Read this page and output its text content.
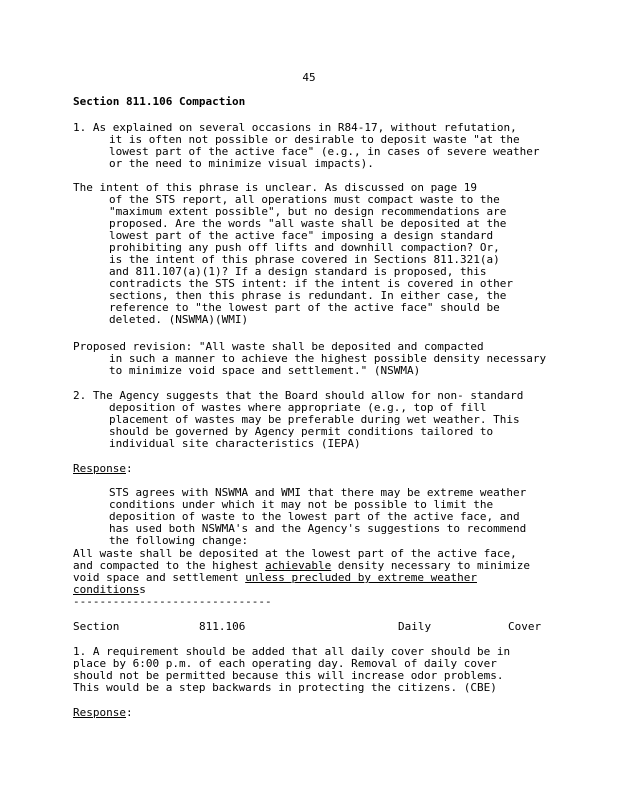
45
Section 811.106 Compaction
1. As explained on several occasions in R84-17, without refutation,
it is often not possible or desirable to deposit waste "at the
lowest part of the active face" (e.g., in cases of severe weather
or the need to minimize visual impacts).
The intent of this phrase is unclear. As discussed on page 19
of the STS report, all operations must compact waste to the
"maximum extent possible", but no design recommendations are
proposed. Are the words "all waste shall be deposited at the
lowest part of the active face" imposing a design standard
prohibiting any push off lifts and downhill compaction? Or,
is the intent of this phrase covered in Sections 811.321(a)
and 811.107(a)(1)? If a design standard is proposed, this
contradicts the STS intent: if the intent is covered in other
sections, then this phrase is redundant. In either case, the
reference to "the lowest part of the active face" should be
deleted. (NSWMA)(WMI)
Proposed revision: "All waste shall be deposited and compacted
in such a manner to achieve the highest possible density necessary
to minimize void space and settlement." (NSWMA)
2. The Agency suggests that the Board should allow for non- standard
deposition of wastes where appropriate (e.g., top of fill
placement of wastes may be preferable during wet weather. This
should be governed by Agency permit conditions tailored to
individual site characteristics (IEPA)
Response:
STS agrees with NSWMA and WMI that there may be extreme weather
conditions under which it may not be possible to limit the
deposition of waste to the lowest part of the active face, and
has used both NSWMA's and the Agency's suggestions to recommend
the following change:
All waste shall be deposited at the lowest part of the active face,
and compacted to the highest achievable density necessary to minimize
void space and settlement unless precluded by extreme weather
conditionss
------------------------------
Section	811.106	Daily	Cover
1. A requirement should be added that all daily cover should be in
place by 6:00 p.m. of each operating day. Removal of daily cover
should not be permitted because this will increase odor problems.
This would be a step backwards in protecting the citizens. (CBE)
Response:
